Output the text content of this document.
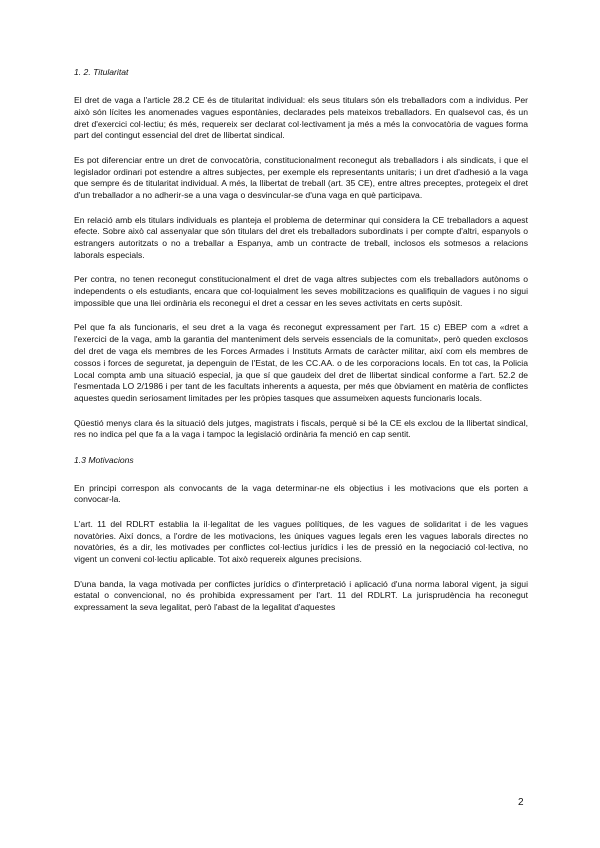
1. 2. Titularitat

El dret de vaga a l'article 28.2 CE és de titularitat individual: els seus titulars són els treballadors com a individus. Per això són lícites les anomenades vagues espontànies, declarades pels mateixos treballadors. En qualsevol cas, és un dret d'exercici col·lectiu; és més, requereix ser declarat col·lectivament ja més a més la convocatòria de vagues forma part del contingut essencial del dret de llibertat sindical.

Es pot diferenciar entre un dret de convocatòria, constitucionalment reconegut als treballadors i als sindicats, i que el legislador ordinari pot estendre a altres subjectes, per exemple els representants unitaris; i un dret d'adhesió a la vaga que sempre és de titularitat individual. A més, la llibertat de treball (art. 35 CE), entre altres preceptes, protegeix el dret d'un treballador a no adherir-se a una vaga o desvincular-se d'una vaga en què participava.

En relació amb els titulars individuals es planteja el problema de determinar qui considera la CE treballadors a aquest efecte. Sobre això cal assenyalar que són titulars del dret els treballadors subordinats i per compte d'altri, espanyols o estrangers autoritzats o no a treballar a Espanya, amb un contracte de treball, inclosos els sotmesos a relacions laborals especials.

Per contra, no tenen reconegut constitucionalment el dret de vaga altres subjectes com els treballadors autònoms o independents o els estudiants, encara que col·loquialment les seves mobilitzacions es qualifiquin de vagues i no sigui impossible que una llei ordinària els reconegui el dret a cessar en les seves activitats en certs supòsit.

Pel que fa als funcionaris, el seu dret a la vaga és reconegut expressament per l'art. 15 c) EBEP com a «dret a l'exercici de la vaga, amb la garantia del manteniment dels serveis essencials de la comunitat», però queden exclosos del dret de vaga els membres de les Forces Armades i Instituts Armats de caràcter militar, així com els membres de cossos i forces de seguretat, ja depenguin de l'Estat, de les CC.AA. o de les corporacions locals. En tot cas, la Policia Local compta amb una situació especial, ja que sí que gaudeix del dret de llibertat sindical conforme a l'art. 52.2 de l'esmentada LO 2/1986 i per tant de les facultats inherents a aquesta, per més que òbviament en matèria de conflictes aquestes quedin seriosament limitades per les pròpies tasques que assumeixen aquests funcionaris locals.

Qüestió menys clara és la situació dels jutges, magistrats i fiscals, perquè si bé la CE els exclou de la llibertat sindical, res no indica pel que fa a la vaga i tampoc la legislació ordinària fa menció en cap sentit.

1.3 Motivacions

En principi correspon als convocants de la vaga determinar-ne els objectius i les motivacions que els porten a convocar-la.

L'art. 11 del RDLRT establia la il·legalitat de les vagues polítiques, de les vagues de solidaritat i de les vagues novatòries. Així doncs, a l'ordre de les motivacions, les úniques vagues legals eren les vagues laborals directes no novatòries, és a dir, les motivades per conflictes col·lectius jurídics i les de pressió en la negociació col·lectiva, no vigent un conveni col·lectiu aplicable. Tot això requereix algunes precisions.

D'una banda, la vaga motivada per conflictes jurídics o d'interpretació i aplicació d'una norma laboral vigent, ja sigui estatal o convencional, no és prohibida expressament per l'art. 11 del RDLRT. La jurisprudència ha reconegut expressament la seva legalitat, però l'abast de la legalitat d'aquestes

2
